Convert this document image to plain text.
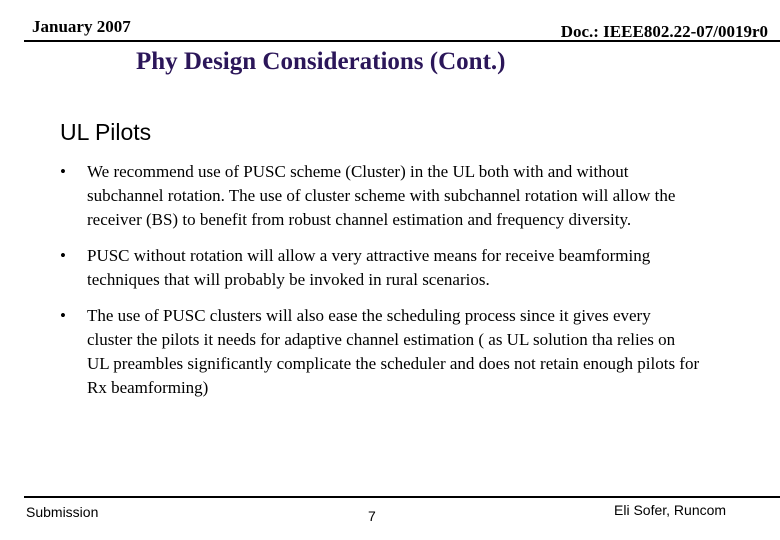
January 2007	Doc.: IEEE802.22-07/0019r0
Phy Design Considerations (Cont.)
UL Pilots
• We recommend use of PUSC scheme (Cluster) in the UL both with and without subchannel rotation. The use of cluster scheme with subchannel rotation will allow the receiver (BS) to benefit from robust channel estimation and frequency diversity.
• PUSC without rotation will allow a very attractive means for receive beamforming techniques that will probably be invoked in rural scenarios.
• The use of PUSC clusters will also ease the scheduling process since it gives every cluster the pilots it needs for adaptive channel estimation ( as UL solution tha relies on UL preambles significantly complicate the scheduler and does not retain enough pilots for Rx beamforming)
Submission	7	Eli Sofer, Runcom
